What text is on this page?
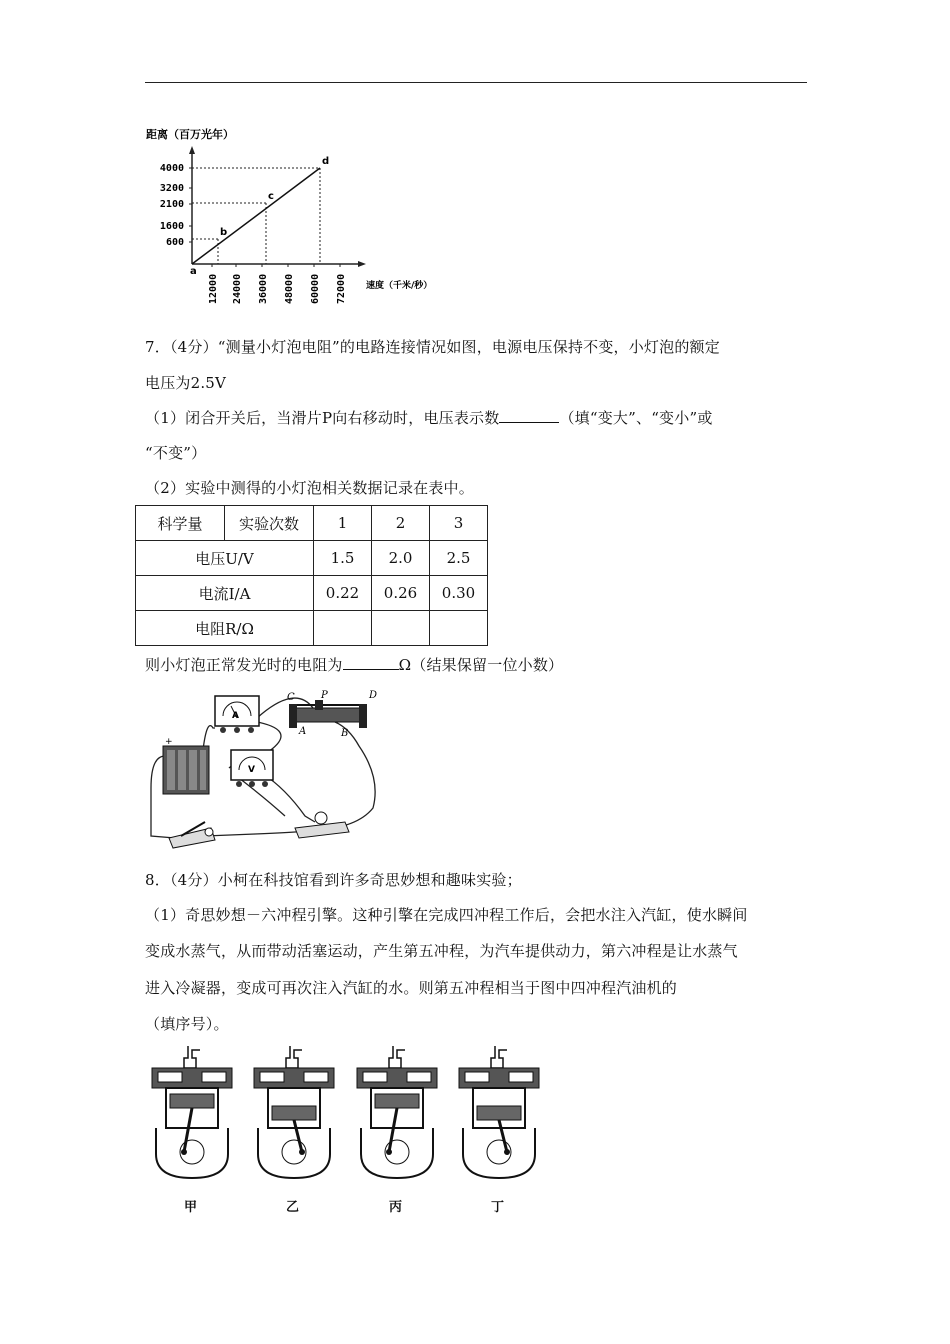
距离（百万光年）
速度（千米/秒）
600
1600
2100
3200
4000
12000 24000 36000 48000 60000 72000
a
b
c
d
7．（4分）“测量小灯泡电阻”的电路连接情况如图，电源电压保持不变，小灯泡的额定
电压为2.5V
（1）闭合开关后，当滑片P向右移动时，电压表示数	（填“变大”、“变小”或
“不变”）
（2）实验中测得的小灯泡相关数据记录在表中。
科学量	实验次数	1	2	3
电压U/V		1.5	2.0	2.5
电流I/A		0.22	0.26	0.30
电阻R/Ω				
则小灯泡正常发光时的电阻为	Ω（结果保留一位小数）
+
A
C	P	D
A	B
V
8．（4分）小柯在科技馆看到许多奇思妙想和趣味实验；
（1）奇思妙想－六冲程引擎。这种引擎在完成四冲程工作后，会把水注入汽缸，使水瞬间
变成水蒸气，从而带动活塞运动，产生第五冲程，为汽车提供动力，第六冲程是让水蒸气
进入冷凝器，变成可再次注入汽缸的水。则第五冲程相当于图中四冲程汽油机的
（填序号）。
甲	乙	丙	丁
